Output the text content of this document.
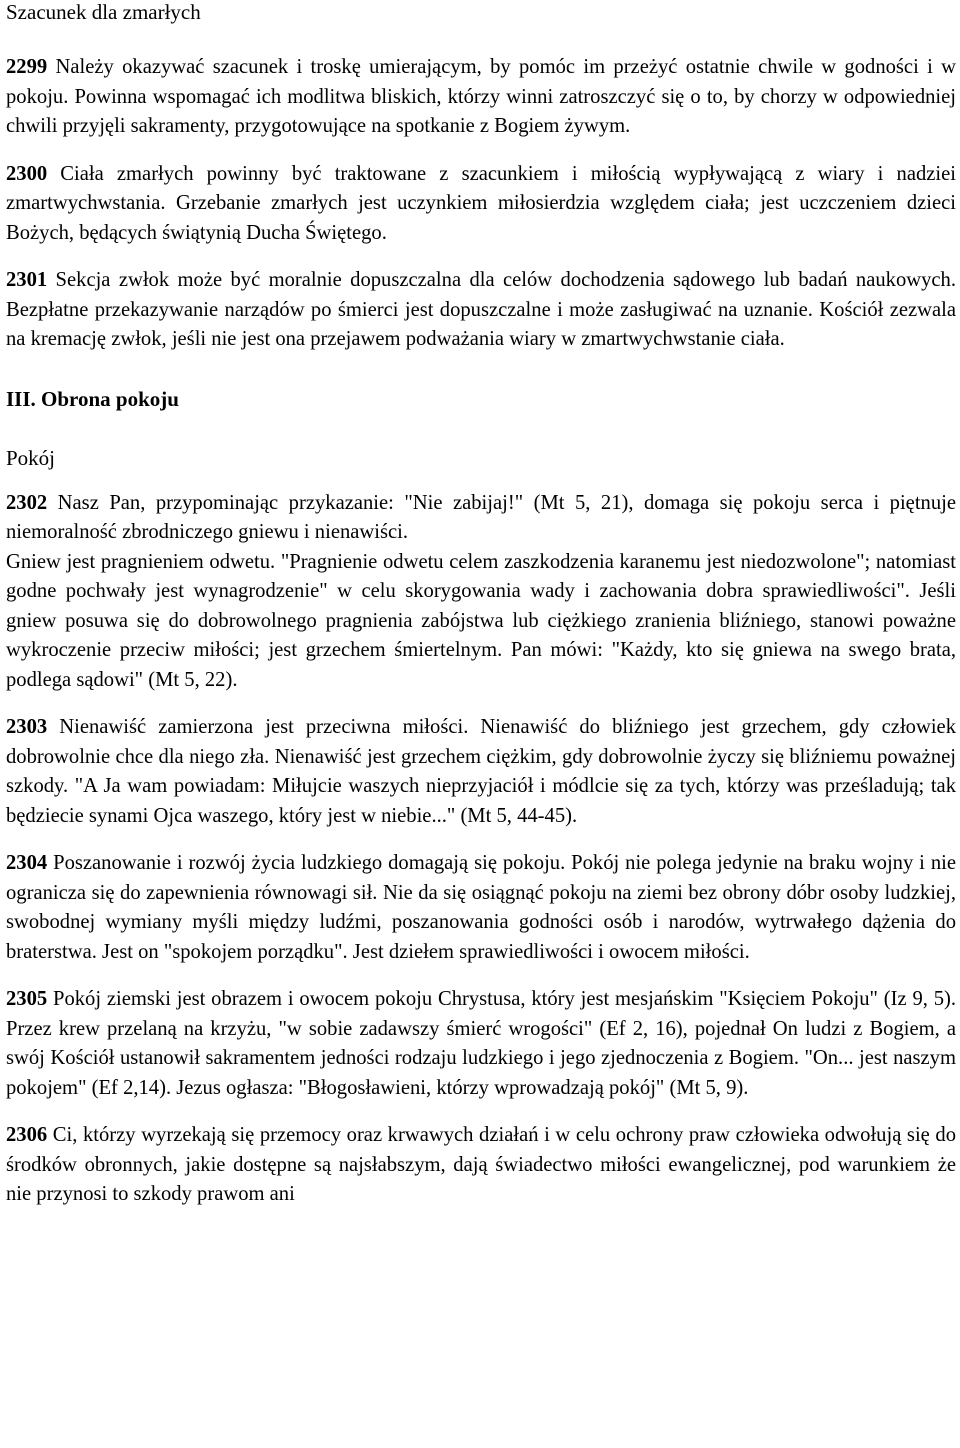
Szacunek dla zmarłych

2299 Należy okazywać szacunek i troskę umierającym, by pomóc im przeżyć ostatnie chwile w godności i w pokoju. Powinna wspomagać ich modlitwa bliskich, którzy winni zatroszczyć się o to, by chorzy w odpowiedniej chwili przyjęli sakramenty, przygotowujące na spotkanie z Bogiem żywym.

2300 Ciała zmarłych powinny być traktowane z szacunkiem i miłością wypływającą z wiary i nadziei zmartwychwstania. Grzebanie zmarłych jest uczynkiem miłosierdzia względem ciała; jest uczczeniem dzieci Bożych, będących świątynią Ducha Świętego.

2301 Sekcja zwłok może być moralnie dopuszczalna dla celów dochodzenia sądowego lub badań naukowych. Bezpłatne przekazywanie narządów po śmierci jest dopuszczalne i może zasługiwać na uznanie. Kościół zezwala na kremację zwłok, jeśli nie jest ona przejawem podważania wiary w zmartwychwstanie ciała.

III. Obrona pokoju

Pokój

2302 Nasz Pan, przypominając przykazanie: "Nie zabijaj!" (Mt 5, 21), domaga się pokoju serca i piętnuje niemoralność zbrodniczego gniewu i nienawiści.

Gniew jest pragnieniem odwetu. "Pragnienie odwetu celem zaszkodzenia karanemu jest niedozwolone"; natomiast godne pochwały jest wynagrodzenie" w celu skorygowania wady i zachowania dobra sprawiedliwości". Jeśli gniew posuwa się do dobrowolnego pragnienia zabójstwa lub ciężkiego zranienia bliźniego, stanowi poważne wykroczenie przeciw miłości; jest grzechem śmiertelnym. Pan mówi: "Każdy, kto się gniewa na swego brata, podlega sądowi" (Mt 5, 22).

2303 Nienawiść zamierzona jest przeciwna miłości. Nienawiść do bliźniego jest grzechem, gdy człowiek dobrowolnie chce dla niego zła. Nienawiść jest grzechem ciężkim, gdy dobrowolnie życzy się bliźniemu poważnej szkody. "A Ja wam powiadam: Miłujcie waszych nieprzyjaciół i módlcie się za tych, którzy was prześladują; tak będziecie synami Ojca waszego, który jest w niebie..." (Mt 5, 44-45).

2304 Poszanowanie i rozwój życia ludzkiego domagają się pokoju. Pokój nie polega jedynie na braku wojny i nie ogranicza się do zapewnienia równowagi sił. Nie da się osiągnąć pokoju na ziemi bez obrony dóbr osoby ludzkiej, swobodnej wymiany myśli między ludźmi, poszanowania godności osób i narodów, wytrwałego dążenia do braterstwa. Jest on "spokojem porządku". Jest dziełem sprawiedliwości i owocem miłości.

2305 Pokój ziemski jest obrazem i owocem pokoju Chrystusa, który jest mesjańskim "Księciem Pokoju" (Iz 9, 5). Przez krew przelaną na krzyżu, "w sobie zadawszy śmierć wrogości" (Ef 2, 16), pojednał On ludzi z Bogiem, a swój Kościół ustanowił sakramentem jedności rodzaju ludzkiego i jego zjednoczenia z Bogiem. "On... jest naszym pokojem" (Ef 2,14). Jezus ogłasza: "Błogosławieni, którzy wprowadzają pokój" (Mt 5, 9).

2306 Ci, którzy wyrzekają się przemocy oraz krwawych działań i w celu ochrony praw człowieka odwołują się do środków obronnych, jakie dostępne są najsłabszym, dają świadectwo miłości ewangelicznej, pod warunkiem że nie przynosi to szkody prawom ani
